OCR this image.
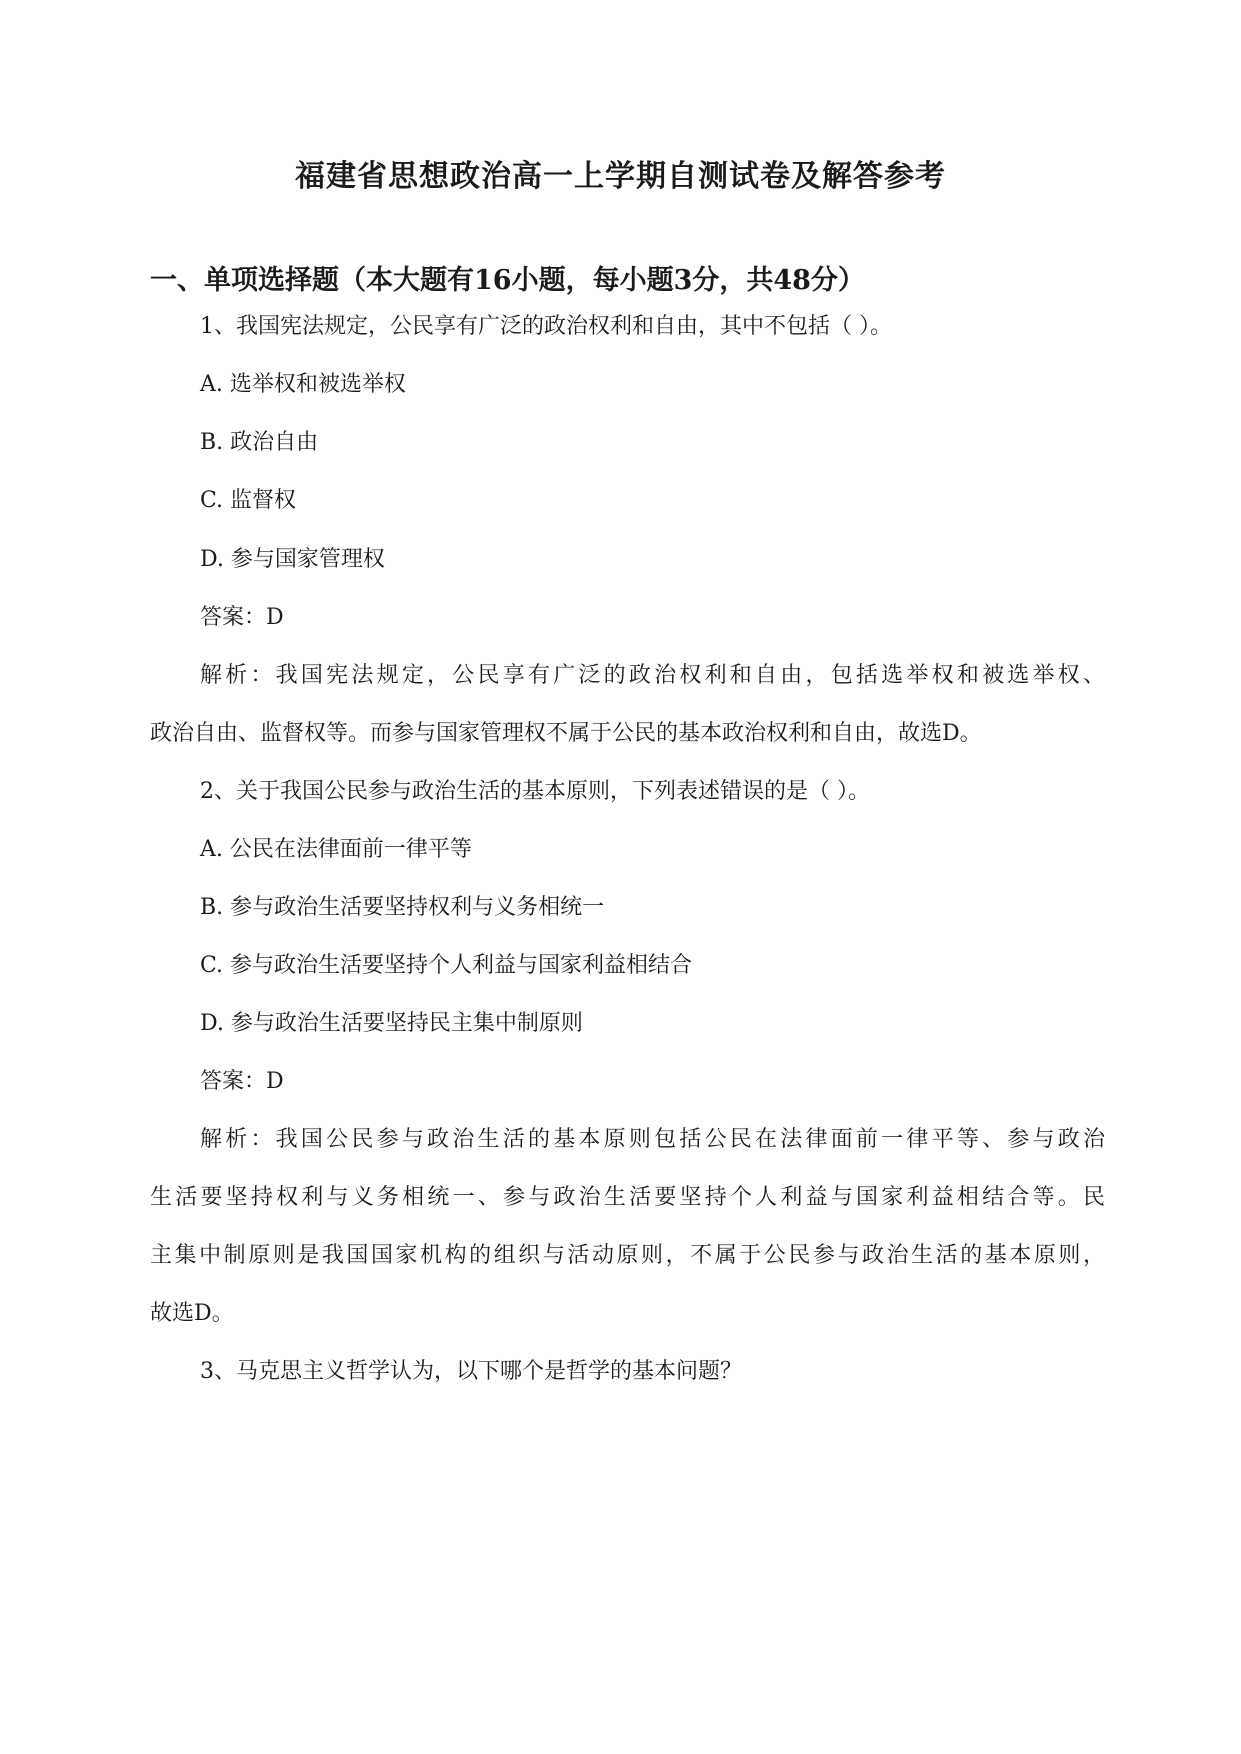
福建省思想政治高一上学期自测试卷及解答参考
一、单项选择题（本大题有16小题，每小题3分，共48分）
1、我国宪法规定，公民享有广泛的政治权利和自由，其中不包括（ ）。
A. 选举权和被选举权
B. 政治自由
C. 监督权
D. 参与国家管理权
答案：D
解析：我国宪法规定，公民享有广泛的政治权利和自由，包括选举权和被选举权、
政治自由、监督权等。而参与国家管理权不属于公民的基本政治权利和自由，故选D。
2、关于我国公民参与政治生活的基本原则，下列表述错误的是（ ）。
A. 公民在法律面前一律平等
B. 参与政治生活要坚持权利与义务相统一
C. 参与政治生活要坚持个人利益与国家利益相结合
D. 参与政治生活要坚持民主集中制原则
答案：D
解析：我国公民参与政治生活的基本原则包括公民在法律面前一律平等、参与政治
生活要坚持权利与义务相统一、参与政治生活要坚持个人利益与国家利益相结合等。民
主集中制原则是我国国家机构的组织与活动原则，不属于公民参与政治生活的基本原则，
故选D。
3、马克思主义哲学认为，以下哪个是哲学的基本问题？
